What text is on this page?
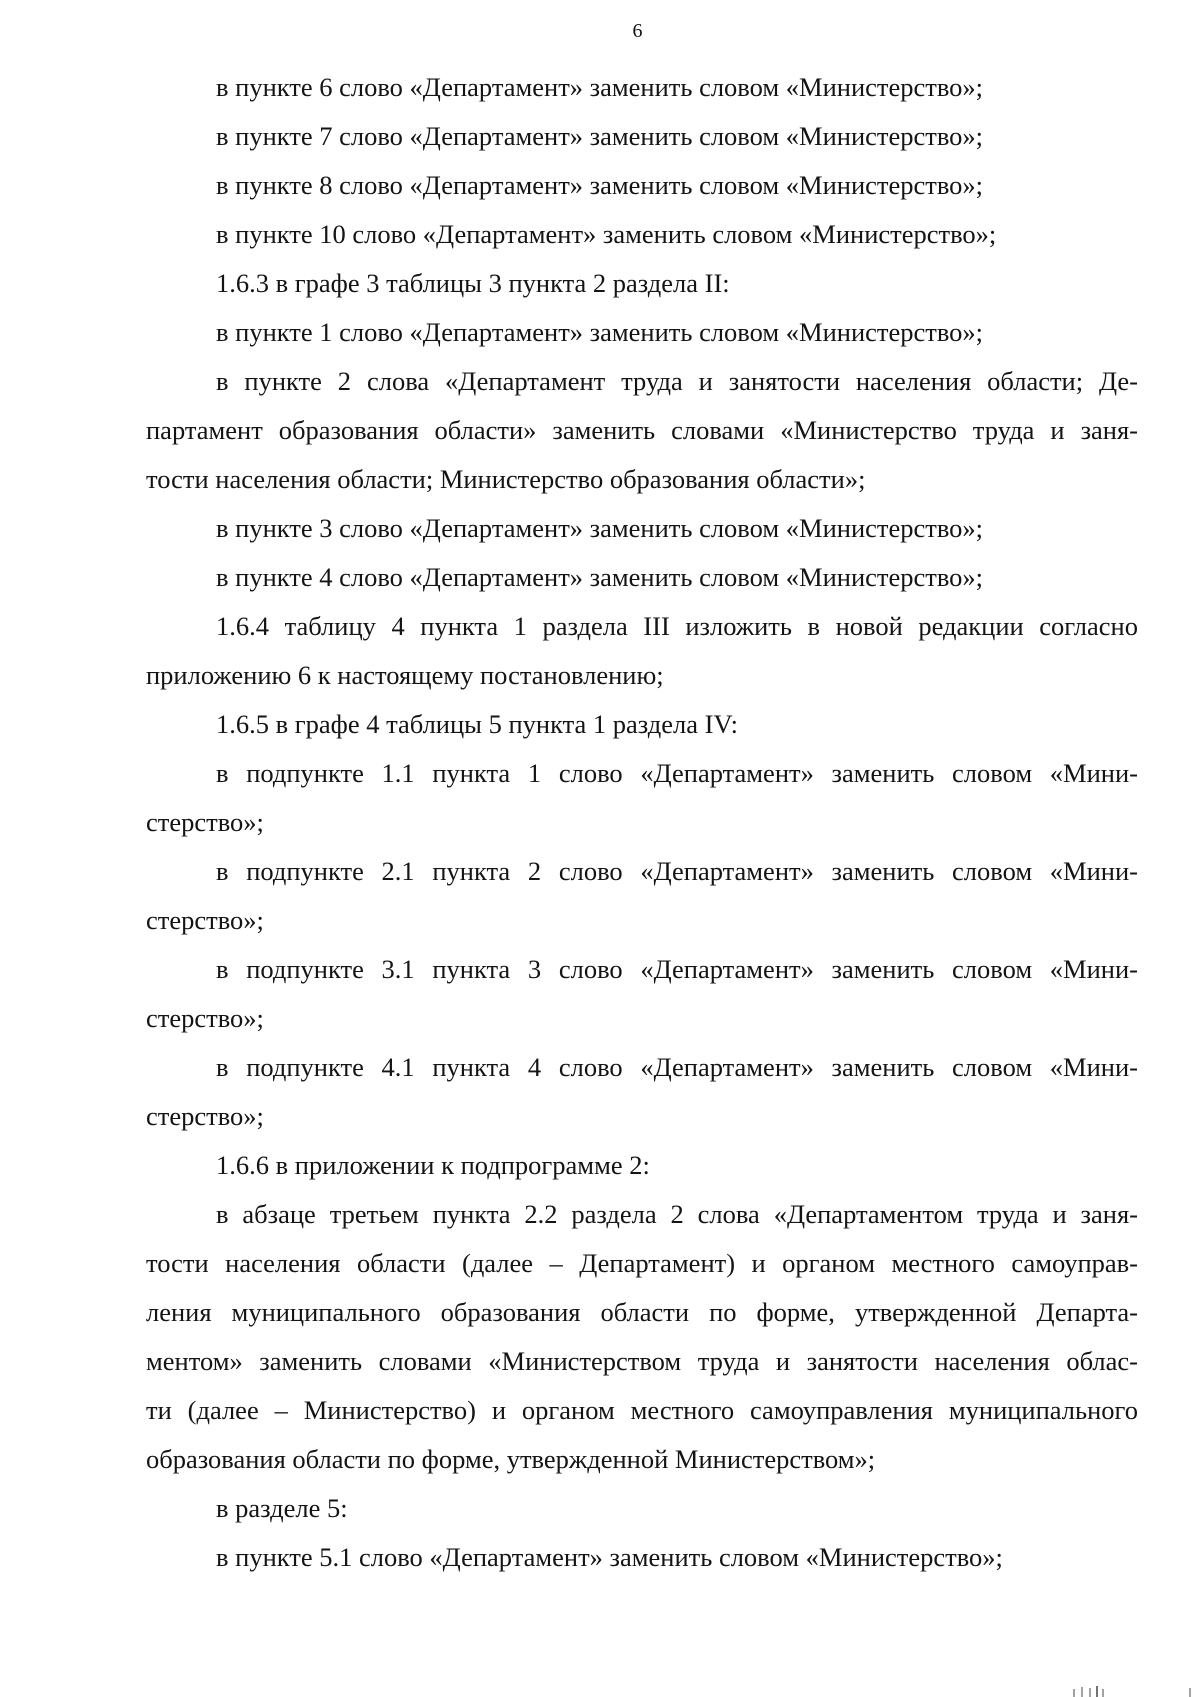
6
в пункте 6 слово «Департамент» заменить словом «Министерство»;
в пункте 7 слово «Департамент» заменить словом «Министерство»;
в пункте 8 слово «Департамент» заменить словом «Министерство»;
в пункте 10 слово «Департамент» заменить словом «Министерство»;
1.6.3 в графе 3 таблицы 3 пункта 2 раздела II:
в пункте 1 слово «Департамент» заменить словом «Министерство»;
в пункте 2 слова «Департамент труда и занятости населения области; Де-
партамент образования области» заменить словами «Министерство труда и заня-
тости населения области; Министерство образования области»;
в пункте 3 слово «Департамент» заменить словом «Министерство»;
в пункте 4 слово «Департамент» заменить словом «Министерство»;
1.6.4 таблицу 4 пункта 1 раздела III изложить в новой редакции согласно
приложению 6 к настоящему постановлению;
1.6.5 в графе 4 таблицы 5 пункта 1 раздела IV:
в подпункте 1.1 пункта 1 слово «Департамент» заменить словом «Мини-
стерство»;
в подпункте 2.1 пункта 2 слово «Департамент» заменить словом «Мини-
стерство»;
в подпункте 3.1 пункта 3 слово «Департамент» заменить словом «Мини-
стерство»;
в подпункте 4.1 пункта 4 слово «Департамент» заменить словом «Мини-
стерство»;
1.6.6 в приложении к подпрограмме 2:
в абзаце третьем пункта 2.2 раздела 2 слова «Департаментом труда и заня-
тости населения области (далее – Департамент) и органом местного самоуправ-
ления муниципального образования области по форме, утвержденной Департа-
ментом» заменить словами «Министерством труда и занятости населения облас-
ти (далее – Министерство) и органом местного самоуправления муниципального
образования области по форме, утвержденной Министерством»;
в разделе 5:
в пункте 5.1 слово «Департамент» заменить словом «Министерство»;
